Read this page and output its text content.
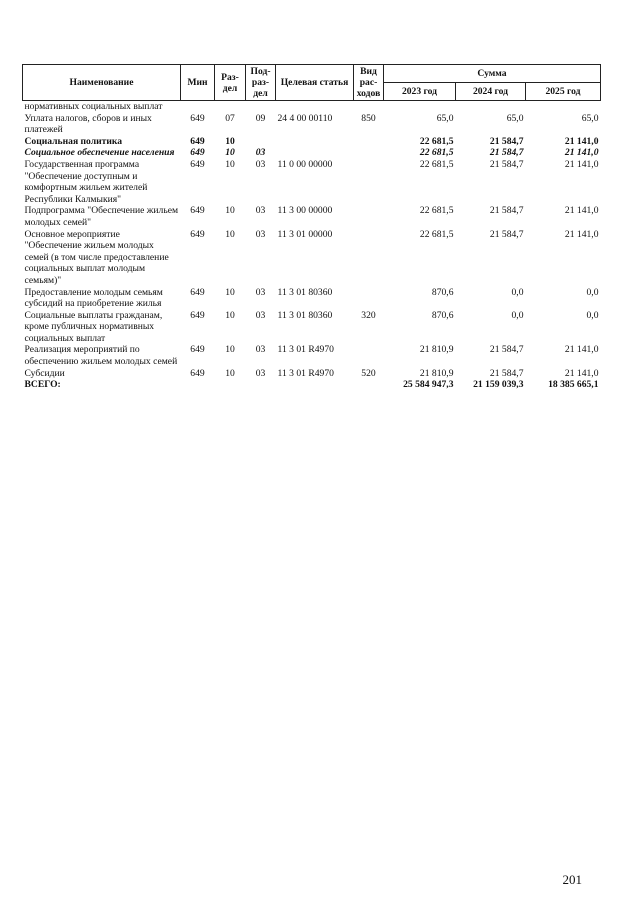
Наименование	Мин	Раз-дел	Под-раз-дел	Целевая статья	Вид рас-ходов	Сумма		
						2023 год	2024 год	2025 год
нормативных социальных выплат								
Уплата налогов, сборов и иных платежей	649	07	09	24 4 00 00110	850	65,0	65,0	65,0
Социальная политика	649	10				22 681,5	21 584,7	21 141,0
Социальное обеспечение населения	649	10	03			22 681,5	21 584,7	21 141,0
Государственная программа "Обеспечение доступным и комфортным жильем жителей Республики Калмыкия"	649	10	03	11 0 00 00000		22 681,5	21 584,7	21 141,0
Подпрограмма "Обеспечение жильем молодых семей"	649	10	03	11 3 00 00000		22 681,5	21 584,7	21 141,0
Основное мероприятие "Обеспечение жильем молодых семей (в том числе предоставление социальных выплат молодым семьям)"	649	10	03	11 3 01 00000		22 681,5	21 584,7	21 141,0
Предоставление молодым семьям субсидий на приобретение жилья	649	10	03	11 3 01 80360		870,6	0,0	0,0
Социальные выплаты гражданам, кроме публичных нормативных социальных выплат	649	10	03	11 3 01 80360	320	870,6	0,0	0,0
Реализация мероприятий по обеспечению жильем молодых семей	649	10	03	11 3 01 R4970		21 810,9	21 584,7	21 141,0
Субсидии	649	10	03	11 3 01 R4970	520	21 810,9	21 584,7	21 141,0
ВСЕГО:						25 584 947,3	21 159 039,3	18 385 665,1
201
